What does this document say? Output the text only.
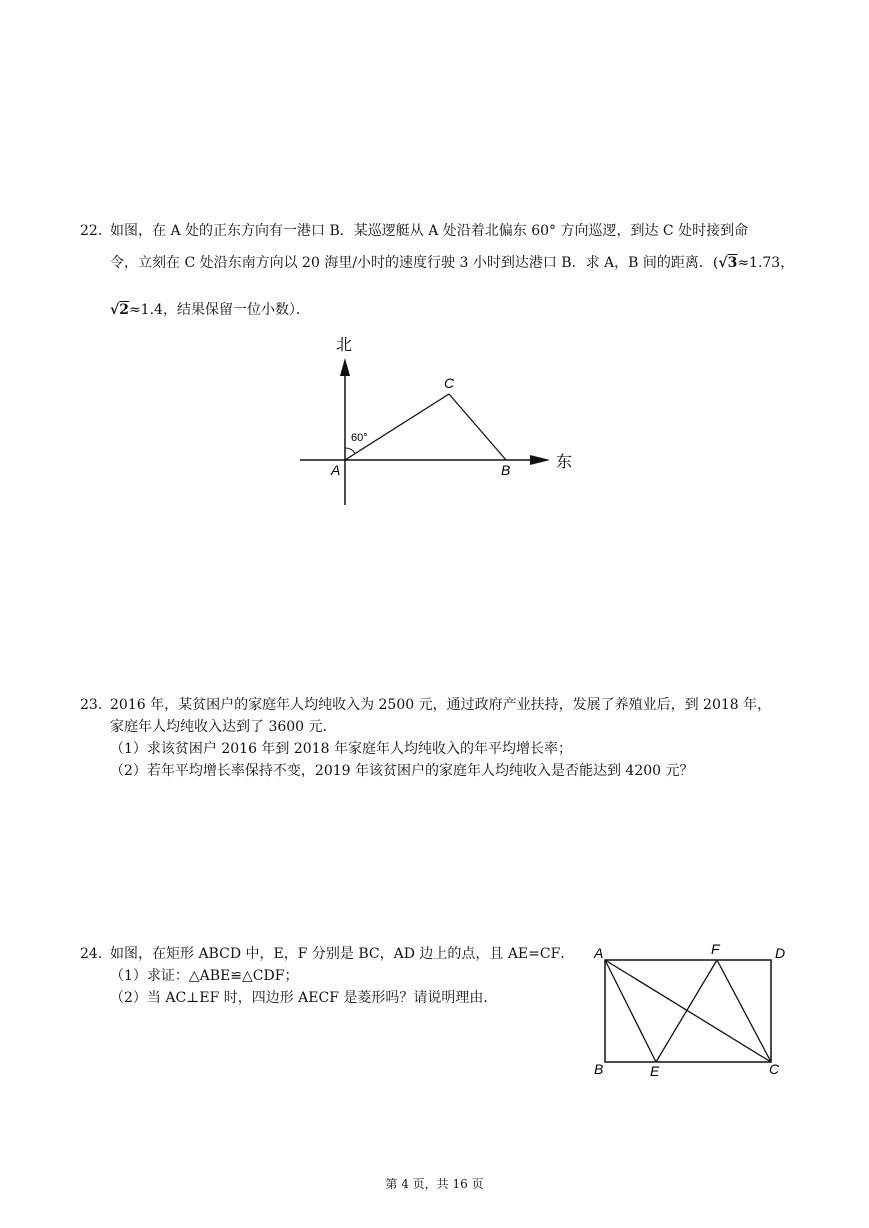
22. 如图，在 A 处的正东方向有一港口 B．某巡逻艇从 A 处沿着北偏东 60° 方向巡逻，到达 C 处时接到命
令，立刻在 C 处沿东南方向以 20 海里/小时的速度行驶 3 小时到达港口 B．求 A，B 间的距离．(√3≈1.73，
√2≈1.4，结果保留一位小数）．
北
东
60°
A	B
C
23. 2016 年，某贫困户的家庭年人均纯收入为 2500 元，通过政府产业扶持，发展了养殖业后，到 2018 年，
家庭年人均纯收入达到了 3600 元．
（1）求该贫困户 2016 年到 2018 年家庭年人均纯收入的年平均增长率；
（2）若年平均增长率保持不变，2019 年该贫困户的家庭年人均纯收入是否能达到 4200 元？
24. 如图，在矩形 ABCD 中，E，F 分别是 BC，AD 边上的点，且 AE=CF．
（1）求证：△ABE≌△CDF；
（2）当 AC⊥EF 时，四边形 AECF 是菱形吗？请说明理由．
A	F	D
B	E	C
第 4 页，共 16 页
